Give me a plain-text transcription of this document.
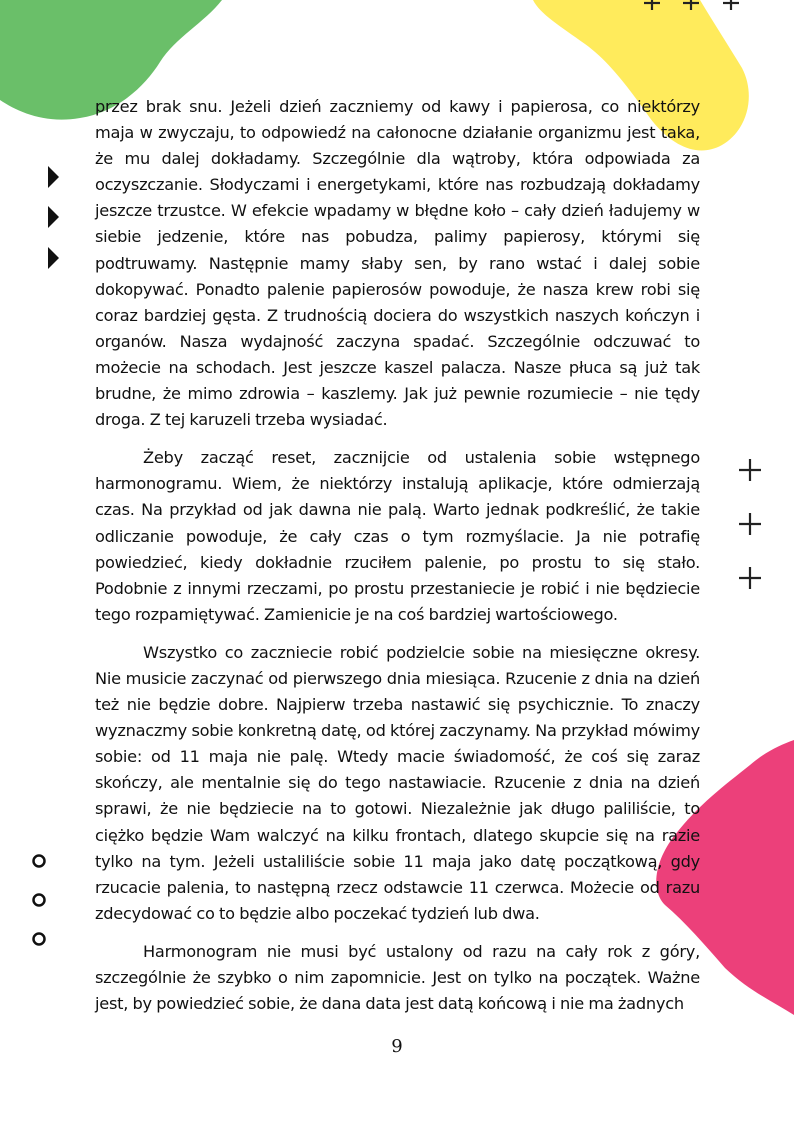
przez brak snu. Jeżeli dzień zaczniemy od kawy i papierosa, co niektórzy maja w zwyczaju, to odpowiedź na całonocne działanie organizmu jest taka, że mu dalej dokładamy. Szczególnie dla wątroby, która odpowiada za oczyszczanie. Słodyczami i energetykami, które nas rozbudzają dokładamy jeszcze trzustce. W efekcie wpadamy w błędne koło – cały dzień ładujemy w siebie jedzenie, które nas pobudza, palimy papierosy, którymi się podtruwamy. Następnie mamy słaby sen, by rano wstać i dalej sobie dokopywać. Ponadto palenie papierosów powoduje, że nasza krew robi się coraz bardziej gęsta. Z trudnością dociera do wszystkich naszych kończyn i organów. Nasza wydajność zaczyna spadać. Szczególnie odczuwać to możecie na schodach. Jest jeszcze kaszel palacza. Nasze płuca są już tak brudne, że mimo zdrowia – kaszlemy. Jak już pewnie rozumiecie – nie tędy droga. Z tej karuzeli trzeba wysiadać.

Żeby zacząć reset, zacznijcie od ustalenia sobie wstępnego harmonogramu. Wiem, że niektórzy instalują aplikacje, które odmierzają czas. Na przykład od jak dawna nie palą. Warto jednak podkreślić, że takie odliczanie powoduje, że cały czas o tym rozmyślacie. Ja nie potrafię powiedzieć, kiedy dokładnie rzuciłem palenie, po prostu to się stało. Podobnie z innymi rzeczami, po prostu przestaniecie je robić i nie będziecie tego rozpamiętywać. Zamienicie je na coś bardziej wartościowego.

Wszystko co zaczniecie robić podzielcie sobie na miesięczne okresy. Nie musicie zaczynać od pierwszego dnia miesiąca. Rzucenie z dnia na dzień też nie będzie dobre. Najpierw trzeba nastawić się psychicznie. To znaczy wyznaczmy sobie konkretną datę, od której zaczynamy. Na przykład mówimy sobie: od 11 maja nie palę. Wtedy macie świadomość, że coś się zaraz skończy, ale mentalnie się do tego nastawiacie. Rzucenie z dnia na dzień sprawi, że nie będziecie na to gotowi. Niezależnie jak długo paliliście, to ciężko będzie Wam walczyć na kilku frontach, dlatego skupcie się na razie tylko na tym. Jeżeli ustaliliście sobie 11 maja jako datę początkową, gdy rzucacie palenia, to następną rzecz odstawcie 11 czerwca. Możecie od razu zdecydować co to będzie albo poczekać tydzień lub dwa.

Harmonogram nie musi być ustalony od razu na cały rok z góry, szczególnie że szybko o nim zapomnicie. Jest on tylko na początek. Ważne jest, by powiedzieć sobie, że dana data jest datą końcową i nie ma żadnych

9
